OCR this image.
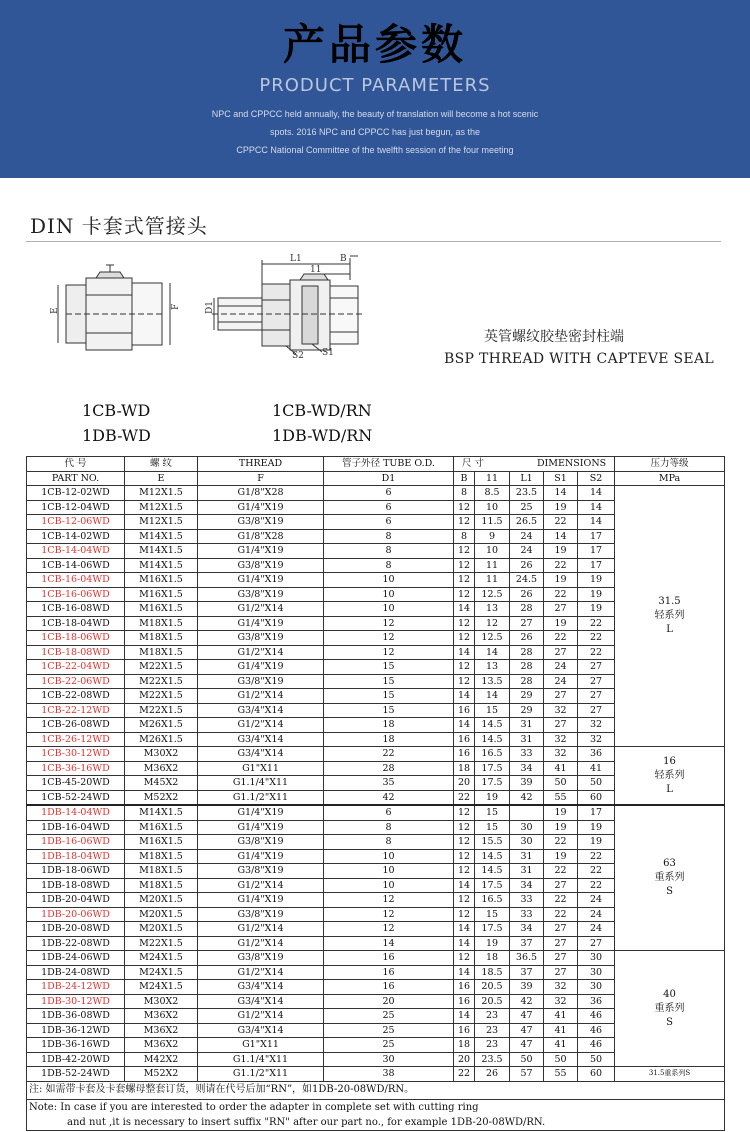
产品参数
PRODUCT PARAMETERS
NPC and CPPCC held annually, the beauty of translation will become a hot scenic
spots. 2016 NPC and CPPCC has just begun, as the
CPPCC National Committee of the twelfth session of the four meeting
DIN 卡套式管接头
E
F
L1
11
B
D1
S2 S1
英管螺纹胶垫密封柱端
BSP THREAD WITH CAPTEVE SEAL
1CB-WD
1DB-WD
1CB-WD/RN
1DB-WD/RN
代 号	螺 纹	THREAD	管子外径 TUBE O.D.	尺 寸 DIMENSIONS					压力等级
PART NO.	E	F	D1	B	11	L1	S1	S2	MPa
1CB-12-02WD	M12X1.5	G1/8"X28	6	8	8.5	23.5	14	14	31.5
轻系列
L

1CB-12-04WD	M12X1.5	G1/4"X19	6	12	10	25	19	14	
1CB-12-06WD	M12X1.5	G3/8"X19	6	12	11.5	26.5	22	14	
1CB-14-02WD	M14X1.5	G1/8"X28	8	8	9	24	14	17	
1CB-14-04WD	M14X1.5	G1/4"X19	8	12	10	24	19	17	
1CB-14-06WD	M14X1.5	G3/8"X19	8	12	11	26	22	17	
1CB-16-04WD	M16X1.5	G1/4"X19	10	12	11	24.5	19	19	
1CB-16-06WD	M16X1.5	G3/8"X19	10	12	12.5	26	22	19	
1CB-16-08WD	M16X1.5	G1/2"X14	10	14	13	28	27	19	
1CB-18-04WD	M18X1.5	G1/4"X19	12	12	12	27	19	22	
1CB-18-06WD	M18X1.5	G3/8"X19	12	12	12.5	26	22	22	
1CB-18-08WD	M18X1.5	G1/2"X14	12	14	14	28	27	22	
1CB-22-04WD	M22X1.5	G1/4"X19	15	12	13	28	24	27	
1CB-22-06WD	M22X1.5	G3/8"X19	15	12	13.5	28	24	27	
1CB-22-08WD	M22X1.5	G1/2"X14	15	14	14	29	27	27	
1CB-22-12WD	M22X1.5	G3/4"X14	15	16	15	29	32	27	
1CB-26-08WD	M26X1.5	G1/2"X14	18	14	14.5	31	27	32	
1CB-26-12WD	M26X1.5	G3/4"X14	18	16	14.5	31	32	32	
1CB-30-12WD	M30X2	G3/4"X14	22	16	16.5	33	32	36	16
轻系列
L

1CB-36-16WD	M36X2	G1"X11	28	18	17.5	34	41	41	
1CB-45-20WD	M45X2	G1.1/4"X11	35	20	17.5	39	50	50	
1CB-52-24WD	M52X2	G1.1/2"X11	42	22	19	42	55	60	
1DB-14-04WD	M14X1.5	G1/4"X19	6	12	15		19	17	63
重系列
S

1DB-16-04WD	M16X1.5	G1/4"X19	8	12	15	30	19	19	
1DB-16-06WD	M16X1.5	G3/8"X19	8	12	15.5	30	22	19	
1DB-18-04WD	M18X1.5	G1/4"X19	10	12	14.5	31	19	22	
1DB-18-06WD	M18X1.5	G3/8"X19	10	12	14.5	31	22	22	
1DB-18-08WD	M18X1.5	G1/2"X14	10	14	17.5	34	27	22	
1DB-20-04WD	M20X1.5	G1/4"X19	12	12	16.5	33	22	24	
1DB-20-06WD	M20X1.5	G3/8"X19	12	12	15	33	22	24	
1DB-20-08WD	M20X1.5	G1/2"X14	12	14	17.5	34	27	24	
1DB-22-08WD	M22X1.5	G1/2"X14	14	14	19	37	27	27	
1DB-24-06WD	M24X1.5	G3/8"X19	16	12	18	36.5	27	30	40
重系列
S

1DB-24-08WD	M24X1.5	G1/2"X14	16	14	18.5	37	27	30	
1DB-24-12WD	M24X1.5	G3/4"X14	16	16	20.5	39	32	30	
1DB-30-12WD	M30X2	G3/4"X14	20	16	20.5	42	32	36	
1DB-36-08WD	M36X2	G1/2"X14	25	14	23	47	41	46	
1DB-36-12WD	M36X2	G3/4"X14	25	16	23	47	41	46	
1DB-36-16WD	M36X2	G1"X11	25	18	23	47	41	46	
1DB-42-20WD	M42X2	G1.1/4"X11	30	20	23.5	50	50	50	
1DB-52-24WD	M52X2	G1.1/2"X11	38	22	26	57	55	60	31.5重系列S

注: 如需带卡套及卡套螺母整套订货，则请在代号后加“RN”，如1DB-20-08WD/RN。									

Note: In case if you are interested to order the adapter in complete set with cutting ring
and nut ,it is necessary to insert suffix "RN" after our part no., for example 1DB-20-08WD/RN.									
